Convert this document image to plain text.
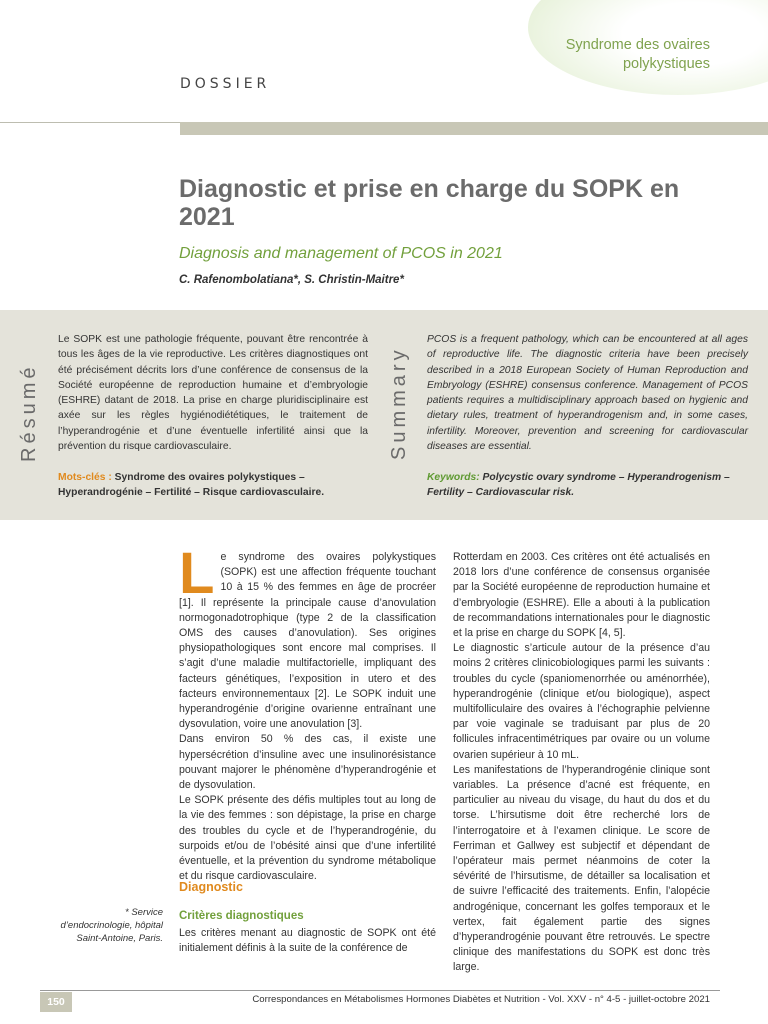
Syndrome des ovaires polykystiques
DOSSIER
Diagnostic et prise en charge du SOPK en 2021
Diagnosis and management of PCOS in 2021
C. Rafenombolatiana*, S. Christin-Maitre*
Résumé
Le SOPK est une pathologie fréquente, pouvant être rencontrée à tous les âges de la vie reproductive. Les critères diagnostiques ont été précisément décrits lors d’une conférence de consensus de la Société européenne de reproduction humaine et d’embryologie (ESHRE) datant de 2018. La prise en charge pluridisciplinaire est axée sur les règles hygiénodiététiques, le traitement de l’hyperandrogénie et d’une éventuelle infertilité ainsi que la prévention du risque cardiovasculaire.
Mots-clés : Syndrome des ovaires polykystiques – Hyperandrogénie – Fertilité – Risque cardiovasculaire.
Summary
PCOS is a frequent pathology, which can be encountered at all ages of reproductive life. The diagnostic criteria have been precisely described in a 2018 European Society of Human Reproduction and Embryology (ESHRE) consensus conference. Management of PCOS patients requires a multidisciplinary approach based on hygienic and dietary rules, treatment of hyperandrogenism and, in some cases, infertility. Moreover, prevention and screening for cardiovascular diseases are essential.
Keywords: Polycystic ovary syndrome – Hyperandrogenism – Fertility – Cardiovascular risk.

Le syndrome des ovaires polykystiques (SOPK) est une affection fréquente touchant 10 à 15 % des femmes en âge de procréer [1]. Il représente la principale cause d’anovulation normogonadotrophique (type 2 de la classification OMS des causes d’anovulation). Ses origines physiopathologiques sont encore mal comprises. Il s’agit d’une maladie multifactorielle, impliquant des facteurs génétiques, l’exposition in utero et des facteurs environnementaux [2]. Le SOPK induit une hyperandrogénie d’origine ovarienne entraînant une dysovulation, voire une anovulation [3].

Dans environ 50 % des cas, il existe une hypersécrétion d’insuline avec une insulinorésistance pouvant majorer le phénomène d’hyperandrogénie et de dysovulation.

Le SOPK présente des défis multiples tout au long de la vie des femmes : son dépistage, la prise en charge des troubles du cycle et de l’hyperandrogénie, du surpoids et/ou de l’obésité ainsi que d’une infertilité éventuelle, et la prévention du syndrome métabolique et du risque cardiovasculaire.

Diagnostic
Critères diagnostiques
Les critères menant au diagnostic de SOPK ont été initialement définis à la suite de la conférence de
* Service d’endocrinologie, hôpital Saint-Antoine, Paris.

Rotterdam en 2003. Ces critères ont été actualisés en 2018 lors d’une conférence de consensus organisée par la Société européenne de reproduction humaine et d’embryologie (ESHRE). Elle a abouti à la publication de recommandations internationales pour le diagnostic et la prise en charge du SOPK [4, 5].

Le diagnostic s’articule autour de la présence d’au moins 2 critères clinicobiologiques parmi les suivants : troubles du cycle (spaniomenorrhée ou aménorrhée), hyperandrogénie (clinique et/ou biologique), aspect multifolliculaire des ovaires à l’échographie pelvienne par voie vaginale se traduisant par plus de 20 follicules infracentimétriques par ovaire ou un volume ovarien supérieur à 10 mL.

Les manifestations de l’hyperandrogénie clinique sont variables. La présence d’acné est fréquente, en particulier au niveau du visage, du haut du dos et du torse. L’hirsutisme doit être recherché lors de l’interrogatoire et à l’examen clinique. Le score de Ferriman et Gallwey est subjectif et dépendant de l’opérateur mais permet néanmoins de coter la sévérité de l’hirsutisme, de détailler sa localisation et de suivre l’efficacité des traitements. Enfin, l’alopécie androgénique, concernant les golfes temporaux et le vertex, fait également partie des signes d’hyperandrogénie pouvant être retrouvés. Le spectre clinique des manifestations du SOPK est donc très large.

150	Correspondances en Métabolismes Hormones Diabètes et Nutrition - Vol. XXV - n° 4-5 - juillet-octobre 2021
